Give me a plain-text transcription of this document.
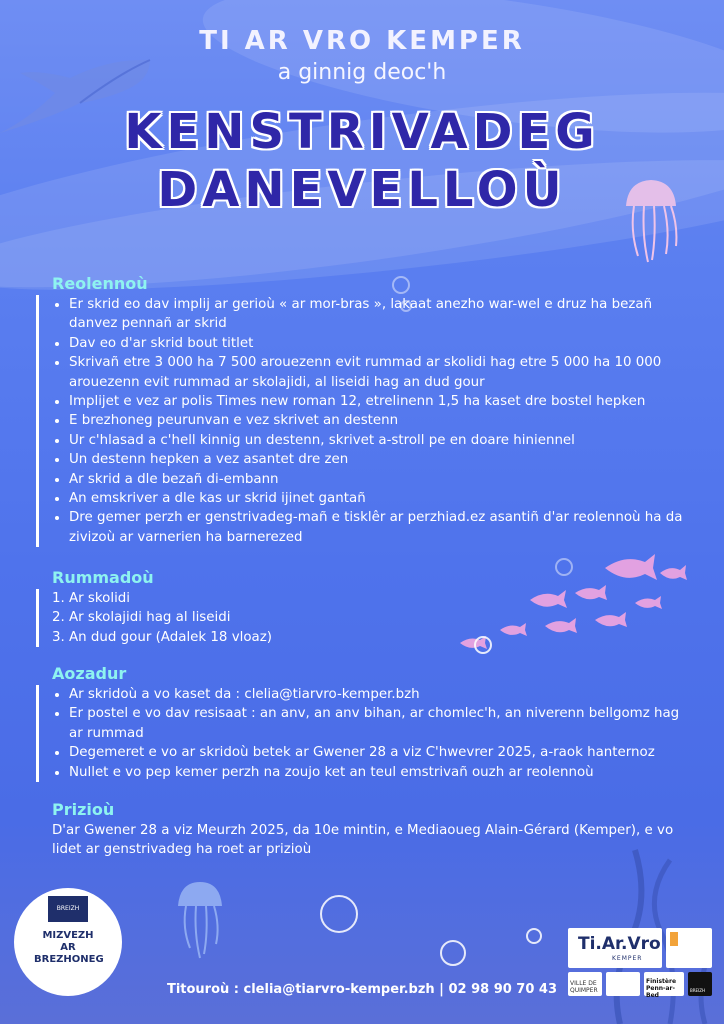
TI AR VRO KEMPER
a ginnig deoc'h
KENSTRIVADEG
DANEVELLOÙ
Reolennoù
• Er skrid eo dav implij ar gerioù « ar mor-bras », lakaat anezho war-wel e druz ha bezañ danvez pennañ ar skrid
• Dav eo d'ar skrid bout titlet
• Skrivañ etre 3 000 ha 7 500 arouezenn evit rummad ar skolidi hag etre 5 000 ha 10 000 arouezenn evit rummad ar skolajidi, al liseidi hag an dud gour
• Implijet e vez ar polis Times new roman 12, etrelinenn 1,5 ha kaset dre bostel hepken
• E brezhoneg peurunvan e vez skrivet an destenn
• Ur c'hlasad a c'hell kinnig un destenn, skrivet a-stroll pe en doare hiniennel
• Un destenn hepken a vez asantet dre zen
• Ar skrid a dle bezañ di-embann
• An emskriver a dle kas ur skrid ijinet gantañ
• Dre gemer perzh er genstrivadeg-mañ e tisklêr ar perzhiad.ez asantiñ d'ar reolennoù ha da zivizoù ar varnerien ha barnerezed
Rummadoù
1. Ar skolidi
2. Ar skolajidi hag al liseidi
3. An dud gour (Adalek 18 vloaz)
Aozadur
• Ar skridoù a vo kaset da : clelia@tiarvro-kemper.bzh
• Er postel e vo dav resisaat : an anv, an anv bihan, ar chomlec'h, an niverenn bellgomz hag ar rummad
• Degemeret e vo ar skridoù betek ar Gwener 28 a viz C'hwevrer 2025, a-raok hanternoz
• Nullet e vo pep kemer perzh na zoujo ket an teul emstrivañ ouzh ar reolennoù
Prizioù
D'ar Gwener 28 a viz Meurzh 2025, da 10e mintin, e Mediaoueg Alain-Gérard (Kemper), e vo lidet ar genstrivadeg ha roet ar prizioù
BREIZH
MIZVEZH AR BREZHONEG
Titouroù : clelia@tiarvro-kemper.bzh | 02 98 90 70 43
Ti.Ar.Vro
KEMPER
VILLE DE QUIMPER
Finistère Penn-ar-Bed
BREIZH
